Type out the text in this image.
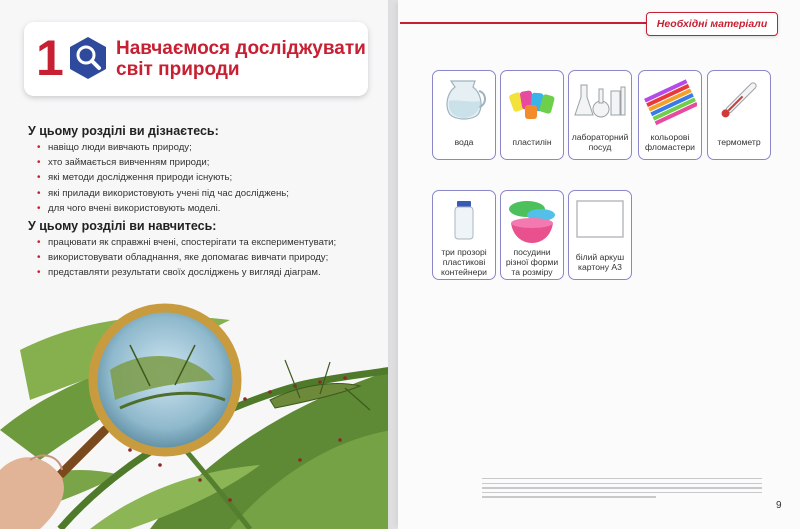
1	Навчаємося досліджувати світ природи
У цьому розділі ви дізнаєтесь:
• навіщо люди вивчають природу;
• хто займається вивченням природи;
• які методи дослідження природи існують;
• які прилади використовують учені під час досліджень;
• для чого вчені використовують моделі.
У цьому розділі ви навчитесь:
• працювати як справжні вчені, спостерігати та експериментувати;
• використовувати обладнання, яке допомагає вивчати природу;
• представляти результати своїх досліджень у вигляді діаграм.
Необхідні матеріали
вода	пластилін	лабораторний посуд
кольорові фломастери	термометр
три прозорі пластикові контейнери
посудини різної форми та розміру
білий аркуш картону А3
9
